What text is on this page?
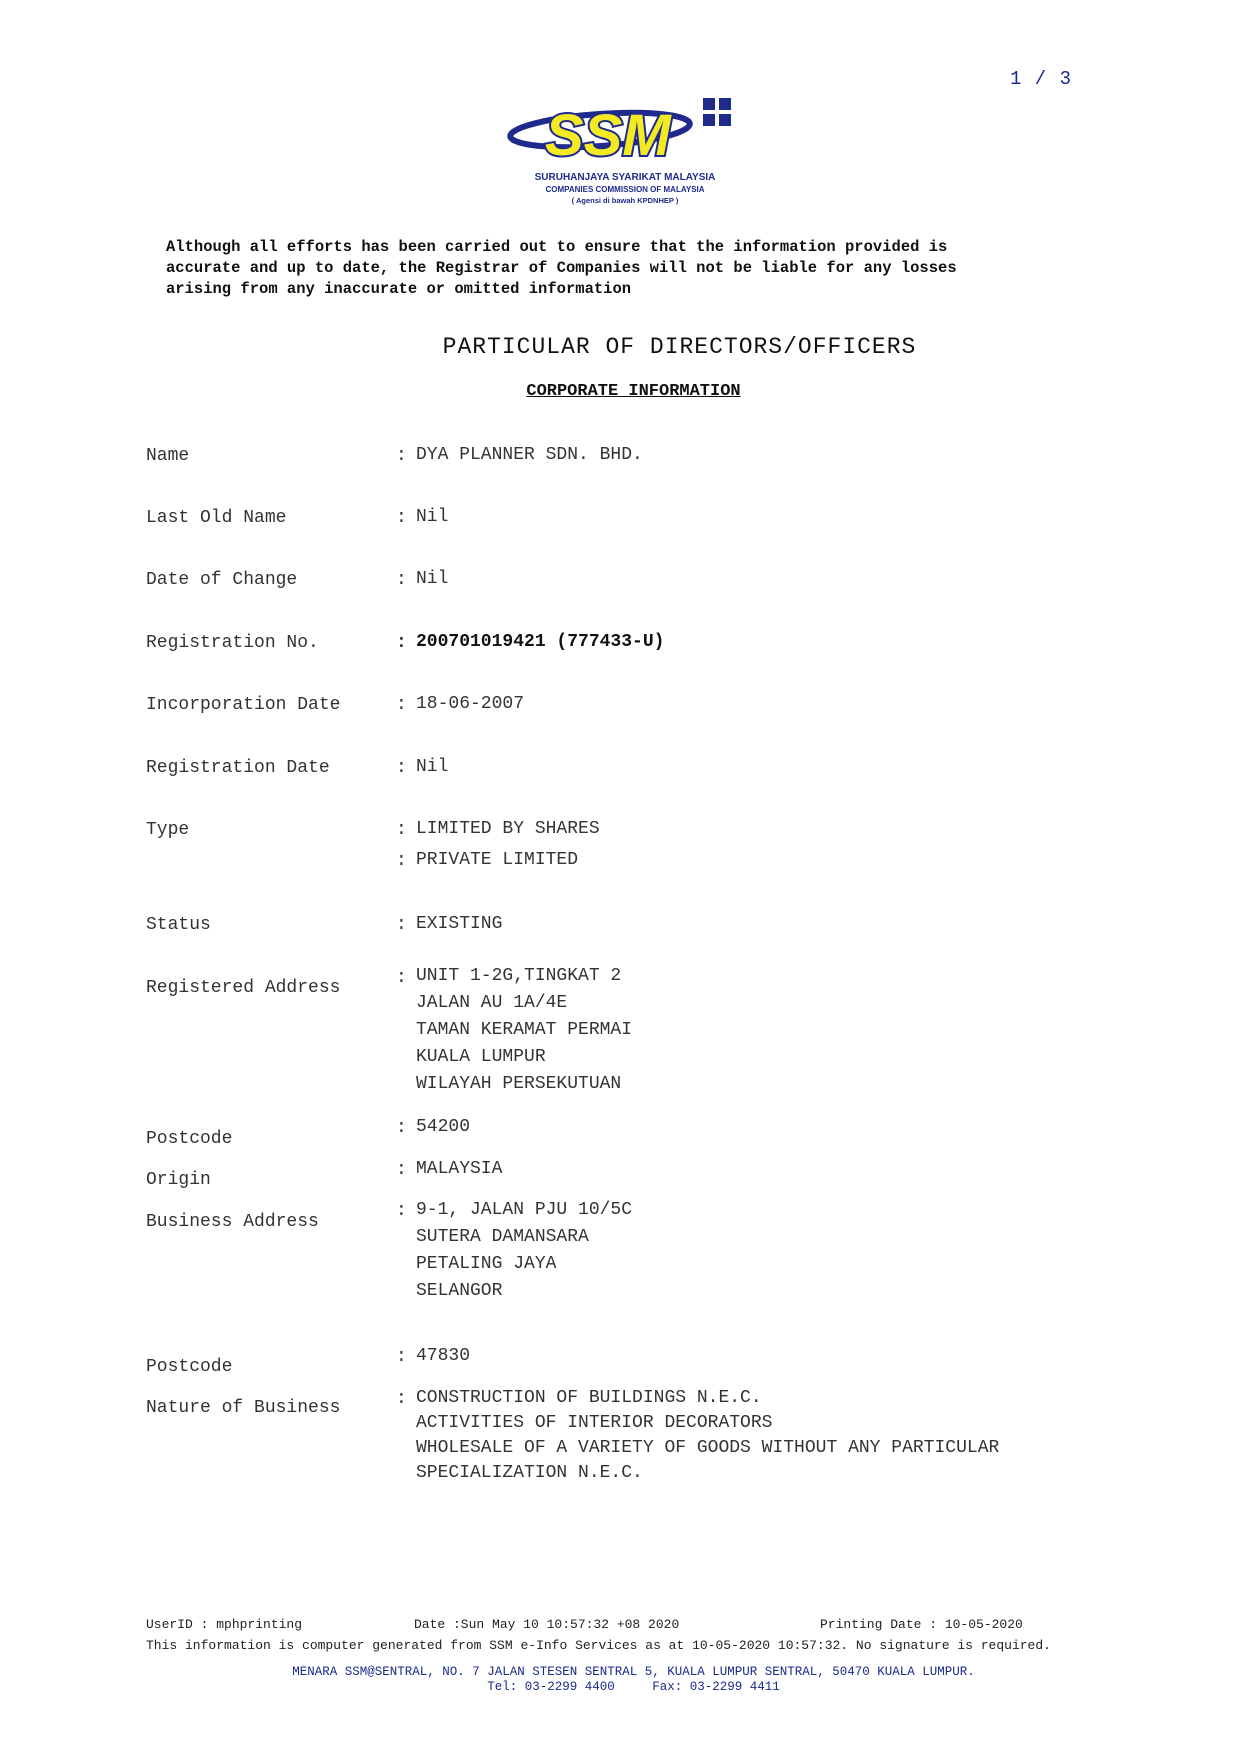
1 / 3
SSM
SURUHANJAYA SYARIKAT MALAYSIA
COMPANIES COMMISSION OF MALAYSIA
( Agensi di bawah KPDNHEP )
Although all efforts has been carried out to ensure that the information provided is
accurate and up to date, the Registrar of Companies will not be liable for any losses
arising from any inaccurate or omitted information
PARTICULAR OF DIRECTORS/OFFICERS
CORPORATE INFORMATION
Name	: DYA PLANNER SDN. BHD.
Last Old Name	: Nil
Date of Change	: Nil
Registration No.	: 200701019421 (777433-U)
Incorporation Date	: 18-06-2007
Registration Date	: Nil
Type	: LIMITED BY SHARES
: PRIVATE LIMITED
Status	: EXISTING
Registered Address	: UNIT 1-2G,TINGKAT 2
JALAN AU 1A/4E
TAMAN KERAMAT PERMAI
KUALA LUMPUR
WILAYAH PERSEKUTUAN
Postcode
: 54200
Origin	: MALAYSIA
Business Address
: 9-1, JALAN PJU 10/5C
SUTERA DAMANSARA
PETALING JAYA
SELANGOR
Postcode	: 47830
Nature of Business	: CONSTRUCTION OF BUILDINGS N.E.C.
ACTIVITIES OF INTERIOR DECORATORS
WHOLESALE OF A VARIETY OF GOODS WITHOUT ANY PARTICULAR
SPECIALIZATION N.E.C.
UserID : mphprinting	Date :Sun May 10 10:57:32 +08 2020	Printing Date : 10-05-2020
This information is computer generated from SSM e-Info Services as at 10-05-2020 10:57:32. No signature is required.
MENARA SSM@SENTRAL, NO. 7 JALAN STESEN SENTRAL 5, KUALA LUMPUR SENTRAL, 50470 KUALA LUMPUR.
Tel: 03-2299 4400     Fax: 03-2299 4411
